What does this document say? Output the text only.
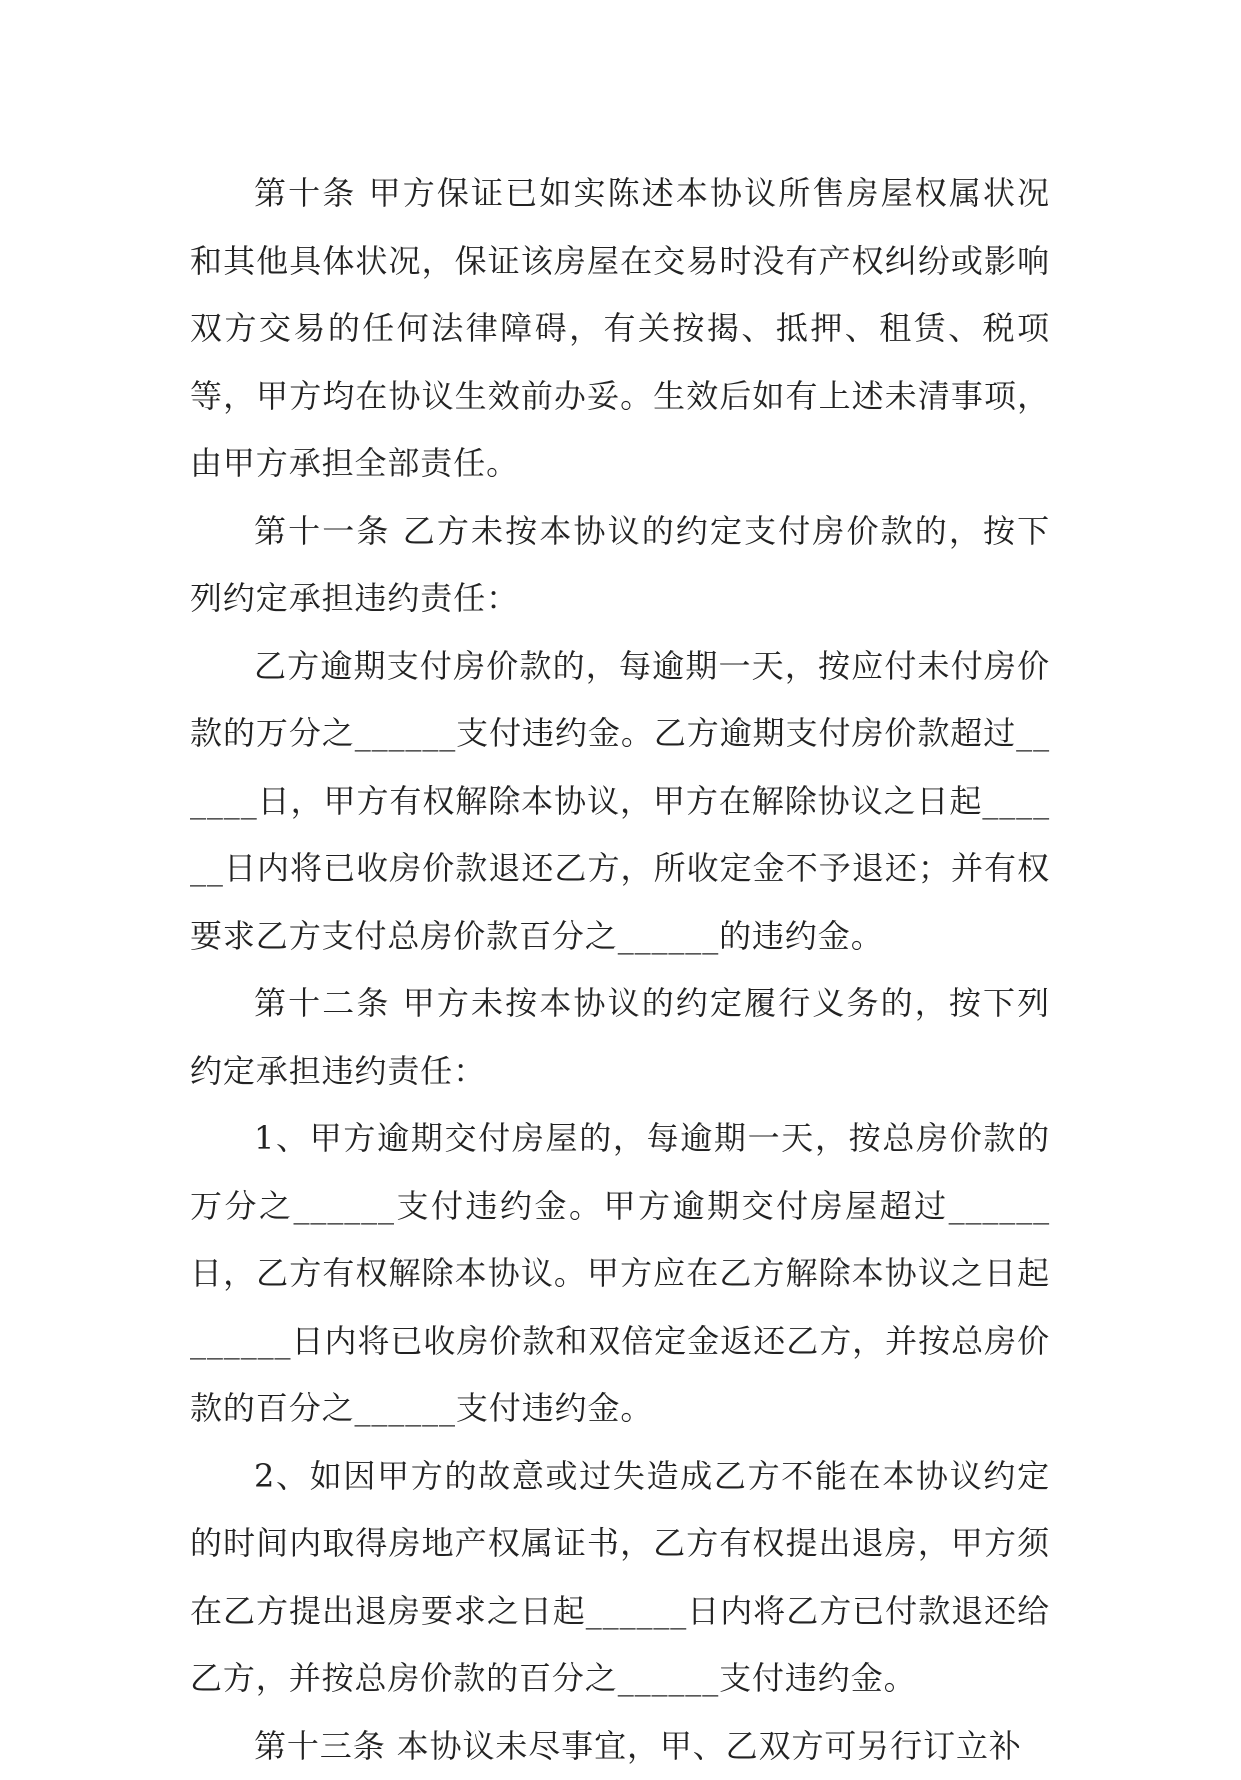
第十条 甲方保证已如实陈述本协议所售房屋权属状况和其他具体状况，保证该房屋在交易时没有产权纠纷或影响双方交易的任何法律障碍，有关按揭、抵押、租赁、税项等，甲方均在协议生效前办妥。生效后如有上述未清事项，由甲方承担全部责任。

第十一条 乙方未按本协议的约定支付房价款的，按下列约定承担违约责任：

乙方逾期支付房价款的，每逾期一天，按应付未付房价款的万分之______支付违约金。乙方逾期支付房价款超过______日，甲方有权解除本协议，甲方在解除协议之日起______日内将已收房价款退还乙方，所收定金不予退还；并有权要求乙方支付总房价款百分之______的违约金。

第十二条 甲方未按本协议的约定履行义务的，按下列约定承担违约责任：

1、甲方逾期交付房屋的，每逾期一天，按总房价款的万分之______支付违约金。甲方逾期交付房屋超过______日，乙方有权解除本协议。甲方应在乙方解除本协议之日起______日内将已收房价款和双倍定金返还乙方，并按总房价款的百分之______支付违约金。

2、如因甲方的故意或过失造成乙方不能在本协议约定的时间内取得房地产权属证书，乙方有权提出退房，甲方须在乙方提出退房要求之日起______日内将乙方已付款退还给乙方，并按总房价款的百分之______支付违约金。

第十三条 本协议未尽事宜，甲、乙双方可另行订立补
